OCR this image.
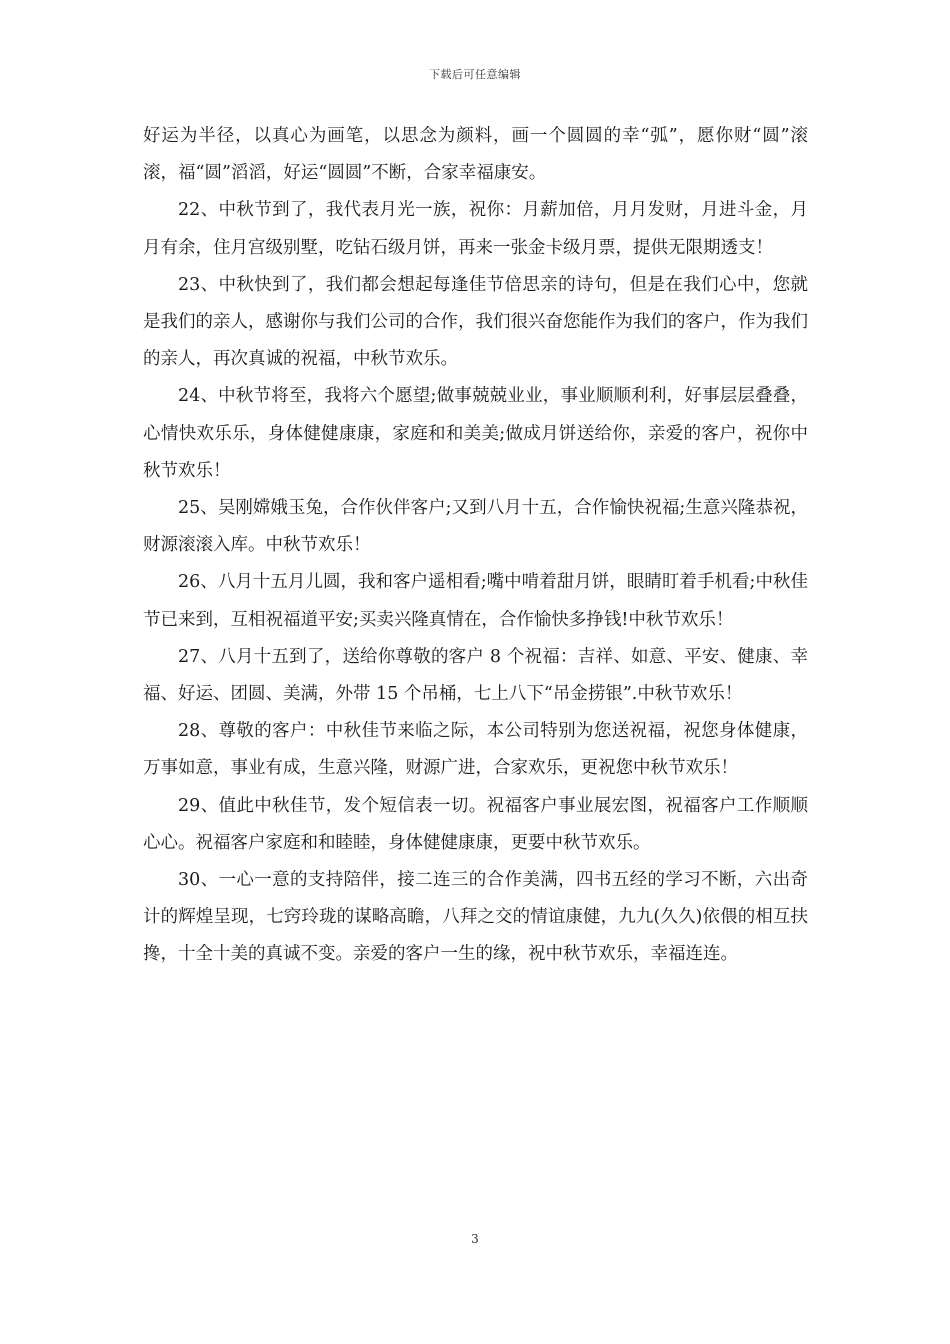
下载后可任意编辑

好运为半径，以真心为画笔，以思念为颜料，画一个圆圆的幸“弧”，愿你财“圆”滚滚，福“圆”滔滔，好运“圆圆”不断，合家幸福康安。

22、中秋节到了，我代表月光一族，祝你：月薪加倍，月月发财，月进斗金，月月有余，住月宫级别墅，吃钻石级月饼，再来一张金卡级月票，提供无限期透支！

23、中秋快到了，我们都会想起每逢佳节倍思亲的诗句，但是在我们心中，您就是我们的亲人，感谢你与我们公司的合作，我们很兴奋您能作为我们的客户，作为我们的亲人，再次真诚的祝福，中秋节欢乐。

24、中秋节将至，我将六个愿望;做事兢兢业业，事业顺顺利利，好事层层叠叠，心情快欢乐乐，身体健健康康，家庭和和美美;做成月饼送给你，亲爱的客户，祝你中秋节欢乐！

25、吴刚嫦娥玉兔，合作伙伴客户;又到八月十五，合作愉快祝福;生意兴隆恭祝，财源滚滚入库。中秋节欢乐！

26、八月十五月儿圆，我和客户遥相看;嘴中啃着甜月饼，眼睛盯着手机看;中秋佳节已来到，互相祝福道平安;买卖兴隆真情在，合作愉快多挣钱!中秋节欢乐！

27、八月十五到了，送给你尊敬的客户 8 个祝福：吉祥、如意、平安、健康、幸福、好运、团圆、美满，外带 15 个吊桶，七上八下“吊金捞银”.中秋节欢乐！

28、尊敬的客户：中秋佳节来临之际，本公司特别为您送祝福，祝您身体健康，万事如意，事业有成，生意兴隆，财源广进，合家欢乐，更祝您中秋节欢乐！

29、值此中秋佳节，发个短信表一切。祝福客户事业展宏图，祝福客户工作顺顺心心。祝福客户家庭和和睦睦，身体健健康康，更要中秋节欢乐。

30、一心一意的支持陪伴，接二连三的合作美满，四书五经的学习不断，六出奇计的辉煌呈现，七窍玲珑的谋略高瞻，八拜之交的情谊康健，九九(久久)依偎的相互扶搀，十全十美的真诚不变。亲爱的客户一生的缘，祝中秋节欢乐，幸福连连。

3
